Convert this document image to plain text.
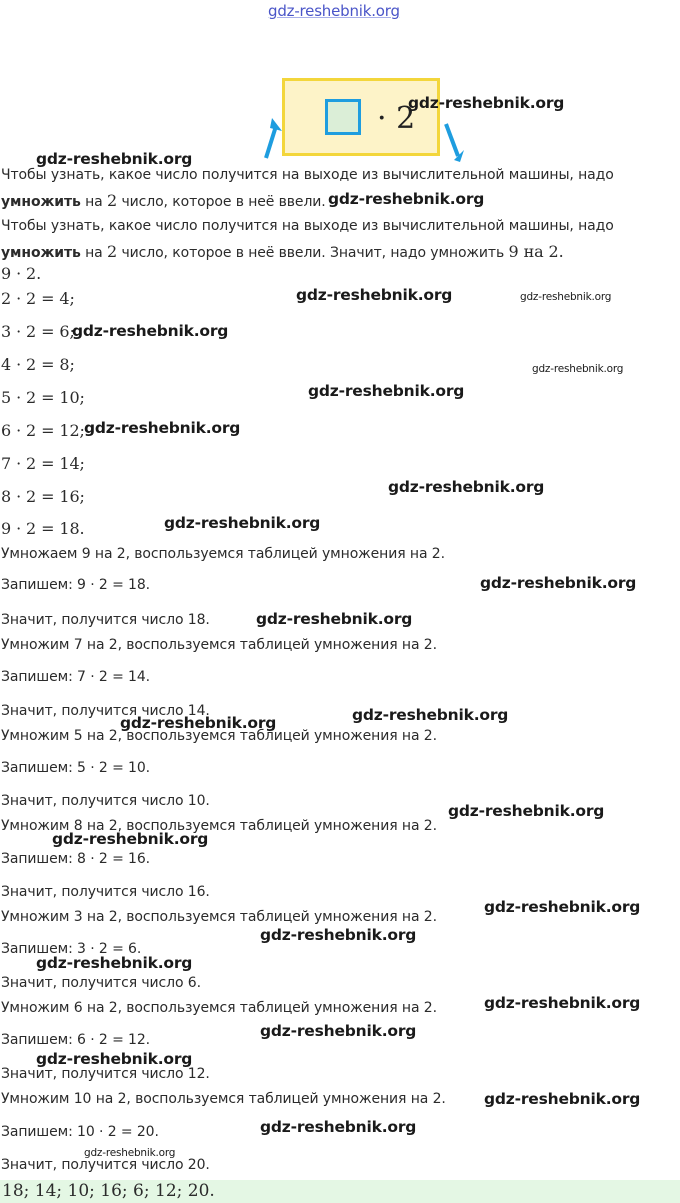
gdz-reshebnik.org
· 2
Чтобы узнать, какое число получится на выходе из вычислительной машины, надо
умножить на 2 число, которое в неё ввели.
Чтобы узнать, какое число получится на выходе из вычислительной машины, надо
умножить на 2 число, которое в неё ввели. Значит, надо умножить 9 на 2.
9 · 2.
2 · 2 = 4;
3 · 2 = 6;
4 · 2 = 8;
5 · 2 = 10;
6 · 2 = 12;
7 · 2 = 14;
8 · 2 = 16;
9 · 2 = 18.
Умножаем 9 на 2, воспользуемся таблицей умножения на 2.
Запишем: 9 · 2 = 18.
Значит, получится число 18.
Умножим 7 на 2, воспользуемся таблицей умножения на 2.
Запишем: 7 · 2 = 14.
Значит, получится число 14.
Умножим 5 на 2, воспользуемся таблицей умножения на 2.
Запишем: 5 · 2 = 10.
Значит, получится число 10.
Умножим 8 на 2, воспользуемся таблицей умножения на 2.
Запишем: 8 · 2 = 16.
Значит, получится число 16.
Умножим 3 на 2, воспользуемся таблицей умножения на 2.
Запишем: 3 · 2 = 6.
Значит, получится число 6.
Умножим 6 на 2, воспользуемся таблицей умножения на 2.
Запишем: 6 · 2 = 12.
Значит, получится число 12.
Умножим 10 на 2, воспользуемся таблицей умножения на 2.
Запишем: 10 · 2 = 20.
Значит, получится число 20.
18; 14; 10; 16; 6; 12; 20.
gdz-reshebnik.org
gdz-reshebnik.org
gdz-reshebnik.org
gdz-reshebnik.org	gdz-reshebnik.org
gdz-reshebnik.org
gdz-reshebnik.org
gdz-reshebnik.org
gdz-reshebnik.org
gdz-reshebnik.org
gdz-reshebnik.org
gdz-reshebnik.org
gdz-reshebnik.org
gdz-reshebnik.org
gdz-reshebnik.org
gdz-reshebnik.org
gdz-reshebnik.org
gdz-reshebnik.org
gdz-reshebnik.org
gdz-reshebnik.org
gdz-reshebnik.org
gdz-reshebnik.org
gdz-reshebnik.org
gdz-reshebnik.org
gdz-reshebnik.org
gdz-reshebnik.org
